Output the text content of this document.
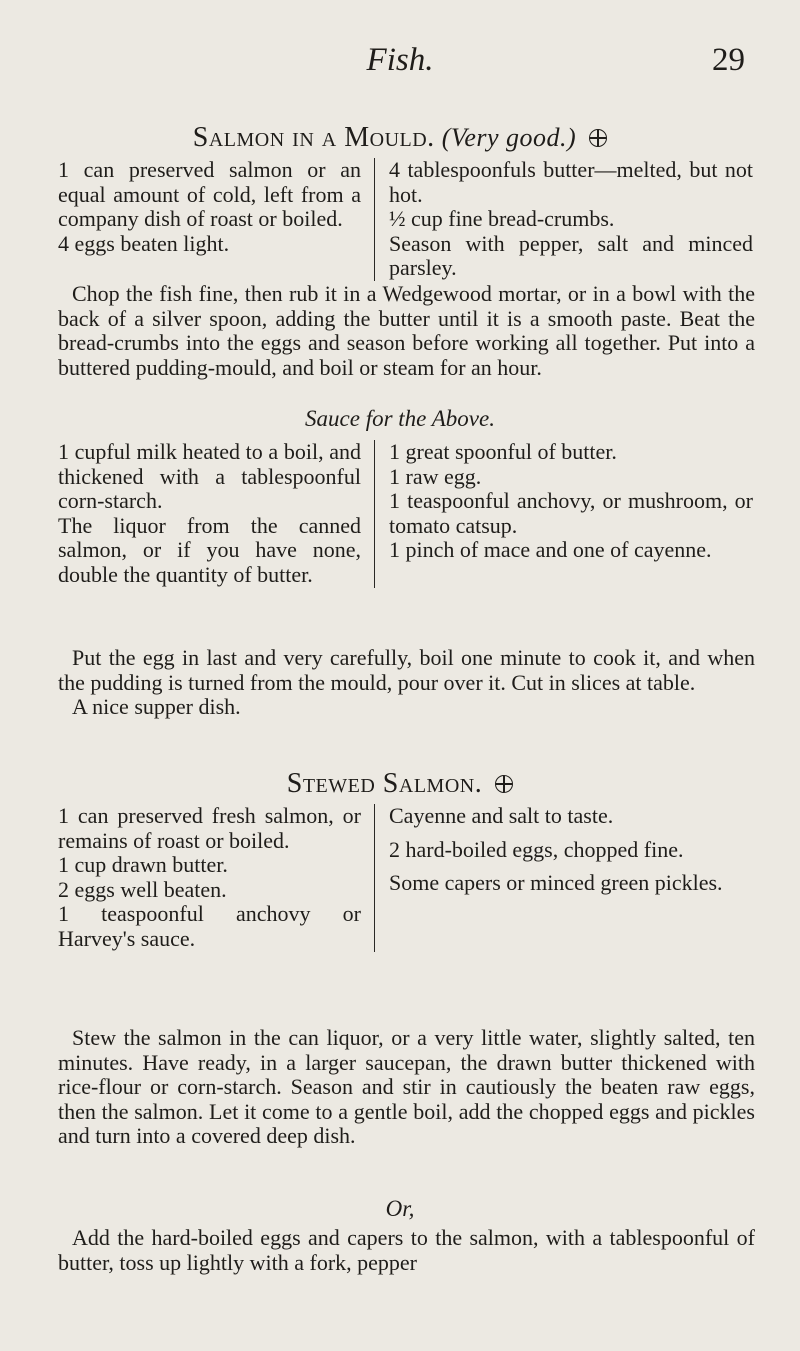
Fish.	29
Salmon in a Mould. (Very good.)

1 can preserved salmon or an equal amount of cold, left from a company dish of roast or boiled.

4 eggs beaten light.

4 tablespoonfuls butter—melted, but not hot.

½ cup fine bread-crumbs.

Season with pepper, salt and minced parsley.

Chop the fish fine, then rub it in a Wedgewood mortar, or in a bowl with the back of a silver spoon, adding the butter until it is a smooth paste. Beat the bread-crumbs into the eggs and season before working all together. Put into a buttered pudding-mould, and boil or steam for an hour.

Sauce for the Above.

1 cupful milk heated to a boil, and thickened with a tablespoonful corn-starch.

The liquor from the canned salmon, or if you have none, double the quantity of butter.

1 great spoonful of butter.

1 raw egg.

1 teaspoonful anchovy, or mushroom, or tomato catsup.

1 pinch of mace and one of cayenne.

Put the egg in last and very carefully, boil one minute to cook it, and when the pudding is turned from the mould, pour over it. Cut in slices at table.

A nice supper dish.

Stewed Salmon.

1 can preserved fresh salmon, or remains of roast or boiled.

1 cup drawn butter.

2 eggs well beaten.

1 teaspoonful anchovy or Harvey's sauce.

Cayenne and salt to taste.

2 hard-boiled eggs, chopped fine.

Some capers or minced green pickles.

Stew the salmon in the can liquor, or a very little water, slightly salted, ten minutes. Have ready, in a larger saucepan, the drawn butter thickened with rice-flour or corn-starch. Season and stir in cautiously the beaten raw eggs, then the salmon. Let it come to a gentle boil, add the chopped eggs and pickles and turn into a covered deep dish.

Or,

Add the hard-boiled eggs and capers to the salmon, with a tablespoonful of butter, toss up lightly with a fork, pepper
